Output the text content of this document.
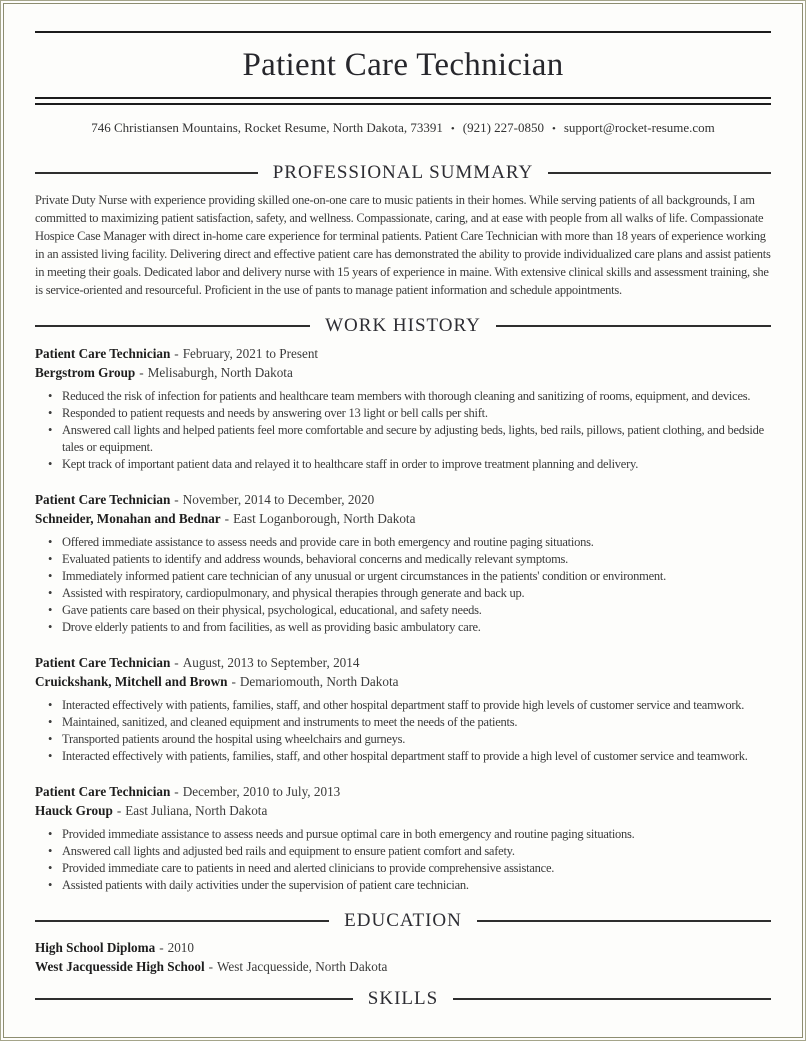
Patient Care Technician
746 Christiansen Mountains, Rocket Resume, North Dakota, 73391 • (921) 227-0850 • support@rocket-resume.com
PROFESSIONAL SUMMARY

Private Duty Nurse with experience providing skilled one-on-one care to music patients in their homes. While serving patients of all backgrounds, I am committed to maximizing patient satisfaction, safety, and wellness. Compassionate, caring, and at ease with people from all walks of life. Compassionate Hospice Case Manager with direct in-home care experience for terminal patients. Patient Care Technician with more than 18 years of experience working in an assisted living facility. Delivering direct and effective patient care has demonstrated the ability to provide individualized care plans and assist patients in meeting their goals. Dedicated labor and delivery nurse with 15 years of experience in maine. With extensive clinical skills and assessment training, she is service-oriented and resourceful. Proficient in the use of pants to manage patient information and schedule appointments.

WORK HISTORY
Patient Care Technician - February, 2021 to Present
Bergstrom Group - Melisaburgh, North Dakota
• Reduced the risk of infection for patients and healthcare team members with thorough cleaning and sanitizing of rooms, equipment, and devices.
• Responded to patient requests and needs by answering over 13 light or bell calls per shift.
• Answered call lights and helped patients feel more comfortable and secure by adjusting beds, lights, bed rails, pillows, patient clothing, and bedside tales or equipment.
• Kept track of important patient data and relayed it to healthcare staff in order to improve treatment planning and delivery.
Patient Care Technician - November, 2014 to December, 2020
Schneider, Monahan and Bednar - East Loganborough, North Dakota
• Offered immediate assistance to assess needs and provide care in both emergency and routine paging situations.
• Evaluated patients to identify and address wounds, behavioral concerns and medically relevant symptoms.
• Immediately informed patient care technician of any unusual or urgent circumstances in the patients' condition or environment.
• Assisted with respiratory, cardiopulmonary, and physical therapies through generate and back up.
• Gave patients care based on their physical, psychological, educational, and safety needs.
• Drove elderly patients to and from facilities, as well as providing basic ambulatory care.
Patient Care Technician - August, 2013 to September, 2014
Cruickshank, Mitchell and Brown - Demariomouth, North Dakota
• Interacted effectively with patients, families, staff, and other hospital department staff to provide high levels of customer service and teamwork.
• Maintained, sanitized, and cleaned equipment and instruments to meet the needs of the patients.
• Transported patients around the hospital using wheelchairs and gurneys.
• Interacted effectively with patients, families, staff, and other hospital department staff to provide a high level of customer service and teamwork.
Patient Care Technician - December, 2010 to July, 2013
Hauck Group - East Juliana, North Dakota
• Provided immediate assistance to assess needs and pursue optimal care in both emergency and routine paging situations.
• Answered call lights and adjusted bed rails and equipment to ensure patient comfort and safety.
• Provided immediate care to patients in need and alerted clinicians to provide comprehensive assistance.
• Assisted patients with daily activities under the supervision of patient care technician.
EDUCATION
High School Diploma - 2010
West Jacquesside High School - West Jacquesside, North Dakota
SKILLS
